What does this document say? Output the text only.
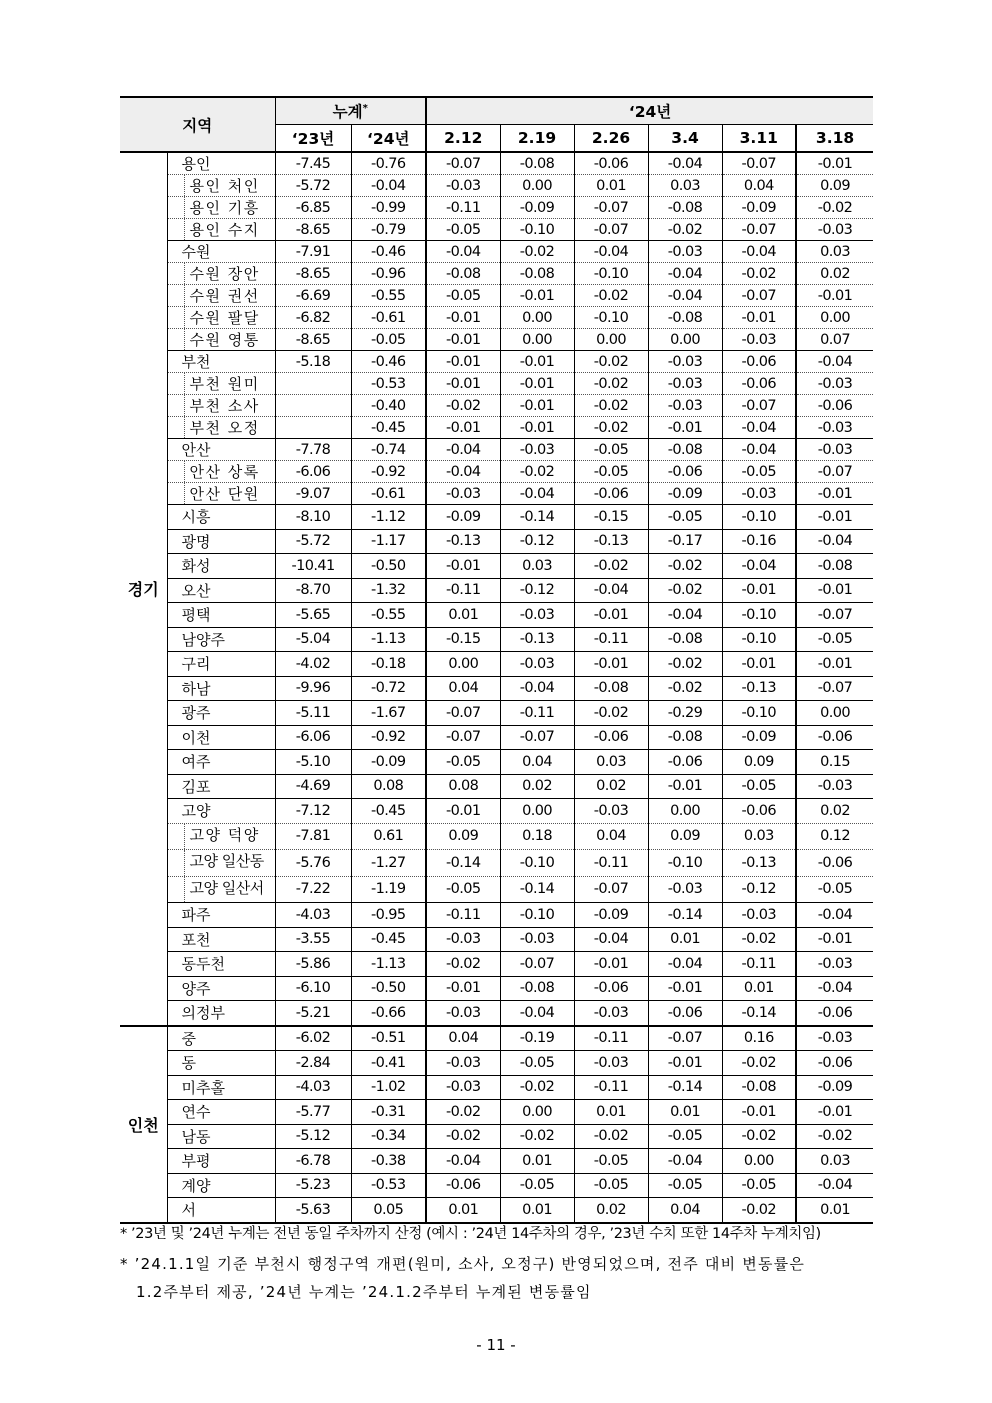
지역		누계*		‘24년					
		‘23년	‘24년	2.12	2.19	2.26	3.4	3.11	3.18
경기	용인	-7.45	-0.76	-0.07	-0.08	-0.06	-0.04	-0.07	-0.01
	용인 처인	-5.72	-0.04	-0.03	0.00	0.01	0.03	0.04	0.09
	용인 기흥	-6.85	-0.99	-0.11	-0.09	-0.07	-0.08	-0.09	-0.02
	용인 수지	-8.65	-0.79	-0.05	-0.10	-0.07	-0.02	-0.07	-0.03
	수원	-7.91	-0.46	-0.04	-0.02	-0.04	-0.03	-0.04	0.03
	수원 장안	-8.65	-0.96	-0.08	-0.08	-0.10	-0.04	-0.02	0.02
	수원 권선	-6.69	-0.55	-0.05	-0.01	-0.02	-0.04	-0.07	-0.01
	수원 팔달	-6.82	-0.61	-0.01	0.00	-0.10	-0.08	-0.01	0.00
	수원 영통	-8.65	-0.05	-0.01	0.00	0.00	0.00	-0.03	0.07
	부천	-5.18	-0.46	-0.01	-0.01	-0.02	-0.03	-0.06	-0.04
	부천 원미		-0.53	-0.01	-0.01	-0.02	-0.03	-0.06	-0.03
	부천 소사		-0.40	-0.02	-0.01	-0.02	-0.03	-0.07	-0.06
	부천 오정		-0.45	-0.01	-0.01	-0.02	-0.01	-0.04	-0.03
	안산	-7.78	-0.74	-0.04	-0.03	-0.05	-0.08	-0.04	-0.03
	안산 상록	-6.06	-0.92	-0.04	-0.02	-0.05	-0.06	-0.05	-0.07
	안산 단원	-9.07	-0.61	-0.03	-0.04	-0.06	-0.09	-0.03	-0.01
	시흥	-8.10	-1.12	-0.09	-0.14	-0.15	-0.05	-0.10	-0.01
	광명	-5.72	-1.17	-0.13	-0.12	-0.13	-0.17	-0.16	-0.04
	화성	-10.41	-0.50	-0.01	0.03	-0.02	-0.02	-0.04	-0.08
	오산	-8.70	-1.32	-0.11	-0.12	-0.04	-0.02	-0.01	-0.01
	평택	-5.65	-0.55	0.01	-0.03	-0.01	-0.04	-0.10	-0.07
	남양주	-5.04	-1.13	-0.15	-0.13	-0.11	-0.08	-0.10	-0.05
	구리	-4.02	-0.18	0.00	-0.03	-0.01	-0.02	-0.01	-0.01
	하남	-9.96	-0.72	0.04	-0.04	-0.08	-0.02	-0.13	-0.07
	광주	-5.11	-1.67	-0.07	-0.11	-0.02	-0.29	-0.10	0.00
	이천	-6.06	-0.92	-0.07	-0.07	-0.06	-0.08	-0.09	-0.06
	여주	-5.10	-0.09	-0.05	0.04	0.03	-0.06	0.09	0.15
	김포	-4.69	0.08	0.08	0.02	0.02	-0.01	-0.05	-0.03
	고양	-7.12	-0.45	-0.01	0.00	-0.03	0.00	-0.06	0.02
	고양 덕양	-7.81	0.61	0.09	0.18	0.04	0.09	0.03	0.12
	고양 일산동	-5.76	-1.27	-0.14	-0.10	-0.11	-0.10	-0.13	-0.06
	고양 일산서	-7.22	-1.19	-0.05	-0.14	-0.07	-0.03	-0.12	-0.05
	파주	-4.03	-0.95	-0.11	-0.10	-0.09	-0.14	-0.03	-0.04
	포천	-3.55	-0.45	-0.03	-0.03	-0.04	0.01	-0.02	-0.01
	동두천	-5.86	-1.13	-0.02	-0.07	-0.01	-0.04	-0.11	-0.03
	양주	-6.10	-0.50	-0.01	-0.08	-0.06	-0.01	0.01	-0.04
	의정부	-5.21	-0.66	-0.03	-0.04	-0.03	-0.06	-0.14	-0.06
인천	중	-6.02	-0.51	0.04	-0.19	-0.11	-0.07	0.16	-0.03
	동	-2.84	-0.41	-0.03	-0.05	-0.03	-0.01	-0.02	-0.06
	미추홀	-4.03	-1.02	-0.03	-0.02	-0.11	-0.14	-0.08	-0.09
	연수	-5.77	-0.31	-0.02	0.00	0.01	0.01	-0.01	-0.01
	남동	-5.12	-0.34	-0.02	-0.02	-0.02	-0.05	-0.02	-0.02
	부평	-6.78	-0.38	-0.04	0.01	-0.05	-0.04	0.00	0.03
	계양	-5.23	-0.53	-0.06	-0.05	-0.05	-0.05	-0.05	-0.04
	서	-5.63	0.05	0.01	0.01	0.02	0.04	-0.02	0.01
* ’23년 및 ’24년 누계는 전년 동일 주차까지 산정 (예시 : ’24년 14주차의 경우, ’23년 수치 또한 14주차 누계치임)
* ’24.1.1일 기준 부천시 행정구역 개편(원미, 소사, 오정구) 반영되었으며, 전주 대비 변동률은
1.2주부터 제공, ’24년 누계는 ’24.1.2주부터 누계된 변동률임
- 11 -
